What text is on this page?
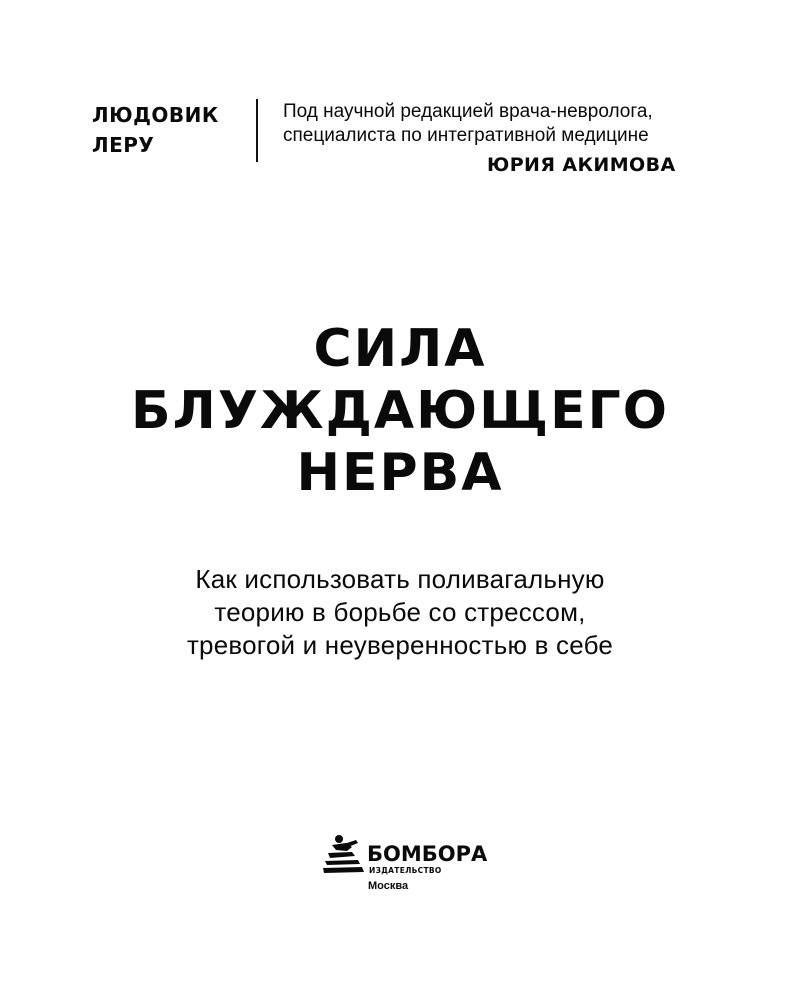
ЛЮДОВИК
ЛЕРУ
Под научной редакцией врача-невролога,
специалиста по интегративной медицине
ЮРИЯ АКИМОВА
СИЛА
БЛУЖДАЮЩЕГО
НЕРВА
Как использовать поливагальную
теорию в борьбе со стрессом,
тревогой и неуверенностью в себе
БОМБОРА
ИЗДАТЕЛЬСТВО
Москва
